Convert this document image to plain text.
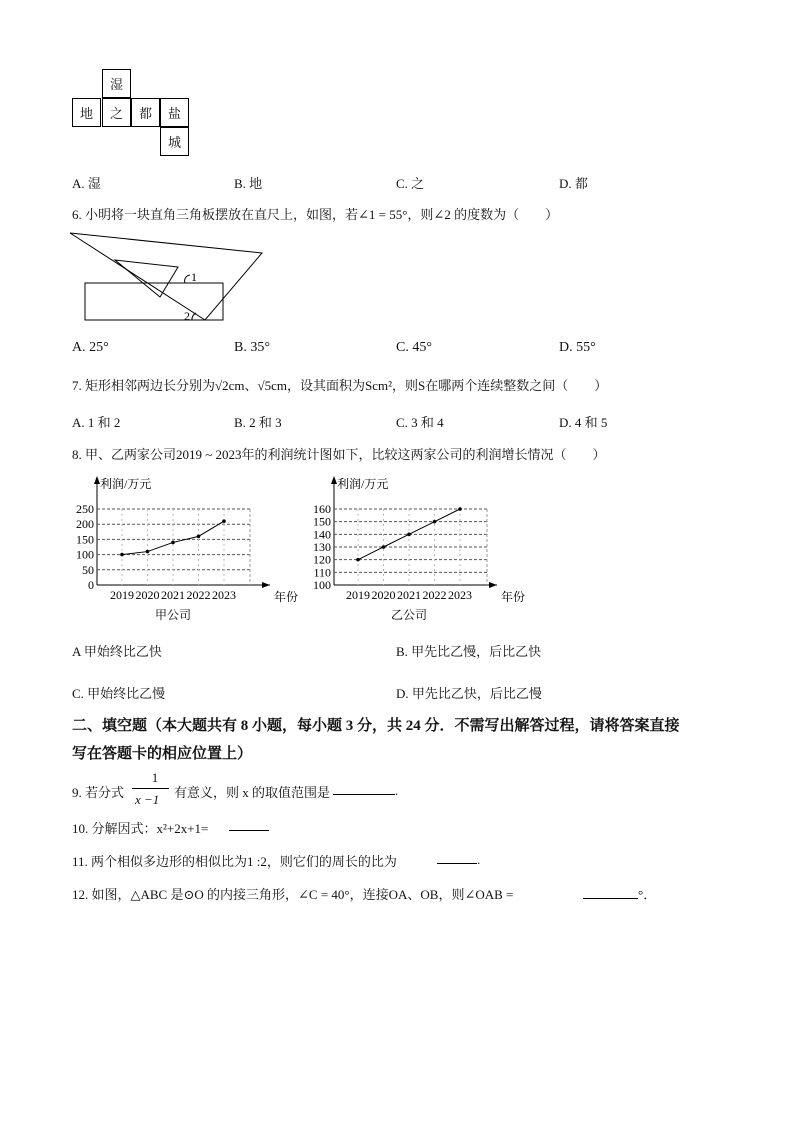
湿
地	之	都	盐
城
A. 湿	B. 地	C. 之	D. 都
6. 小明将一块直角三角板摆放在直尺上，如图，若∠1 = 55°，则∠2 的度数为（　　）
1
2
A. 25°	B. 35°	C. 45°	D. 55°
7. 矩形相邻两边长分别为√2cm、√5cm，设其面积为Scm²，则S在哪两个连续整数之间（　　）
A. 1 和 2	B. 2 和 3	C. 3 和 4	D. 4 和 5
8. 甲、乙两家公司2019 ~ 2023年的利润统计图如下，比较这两家公司的利润增长情况（　　）
利润/万元
年份
0
50
100
150
200
250
2019 2020 2021 2022 2023
甲公司
利润/万元
年份
100
110
120
130
140
150
160
2019 2020 2021 2022 2023
乙公司
A 甲始终比乙快	B. 甲先比乙慢，后比乙快
C. 甲始终比乙慢	D. 甲先比乙快，后比乙慢
二、填空题（本大题共有 8 小题，每小题 3 分，共 24 分．不需写出解答过程，请将答案直接
写在答题卡的相应位置上）
9. 若分式
1
x −1 有意义，则 x 的取值范围是	.
10. 分解因式：x²+2x+1=
11. 两个相似多边形的相似比为1 :2，则它们的周长的比为	.
12. 如图，△ABC 是⊙O 的内接三角形，∠C = 40°，连接OA、OB，则∠OAB =	°．
